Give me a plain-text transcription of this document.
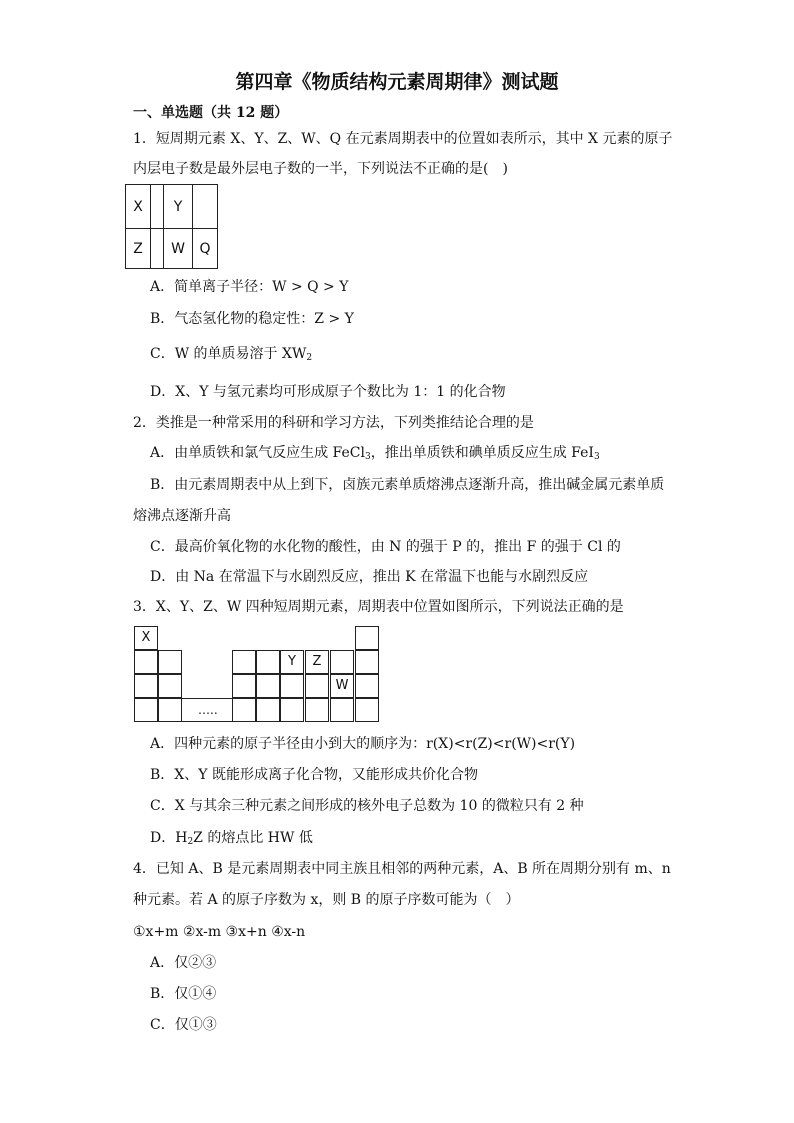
第四章《物质结构元素周期律》测试题
一、单选题（共 12 题）
1．短周期元素 X、Y、Z、W、Q 在元素周期表中的位置如表所示，其中 X 元素的原子
内层电子数是最外层电子数的一半，下列说法不正确的是(　)
X		Y	
Z		W	Q
A．简单离子半径：W > Q > Y
B．气态氢化物的稳定性：Z > Y
C．W 的单质易溶于 $XW_2$
D．X、Y 与氢元素均可形成原子个数比为 1：1 的化合物
2．类推是一种常采用的科研和学习方法，下列类推结论合理的是
A．由单质铁和氯气反应生成 FeCl$_3$，推出单质铁和碘单质反应生成 FeI$_3$
B．由元素周期表中从上到下，卤族元素单质熔沸点逐渐升高，推出碱金属元素单质
熔沸点逐渐升高
C．最高价氧化物的水化物的酸性，由 N 的强于 P 的，推出 F 的强于 Cl 的
D．由 Na 在常温下与水剧烈反应，推出 K 在常温下也能与水剧烈反应
3．X、Y、Z、W 四种短周期元素，周期表中位置如图所示，下列说法正确的是
X
Y	Z
W
…..
A．四种元素的原子半径由小到大的顺序为：r(X)<r(Z)<r(W)<r(Y)
B．X、Y 既能形成离子化合物，又能形成共价化合物
C．X 与其余三种元素之间形成的核外电子总数为 10 的微粒只有 2 种
D．$H_2Z$ 的熔点比 HW 低
4．已知 A、B 是元素周期表中同主族且相邻的两种元素，A、B 所在周期分别有 m、n
种元素。若 A 的原子序数为 x，则 B 的原子序数可能为（　）
①x+m ②x-m ③x+n ④x-n
A．仅②③
B．仅①④
C．仅①③
